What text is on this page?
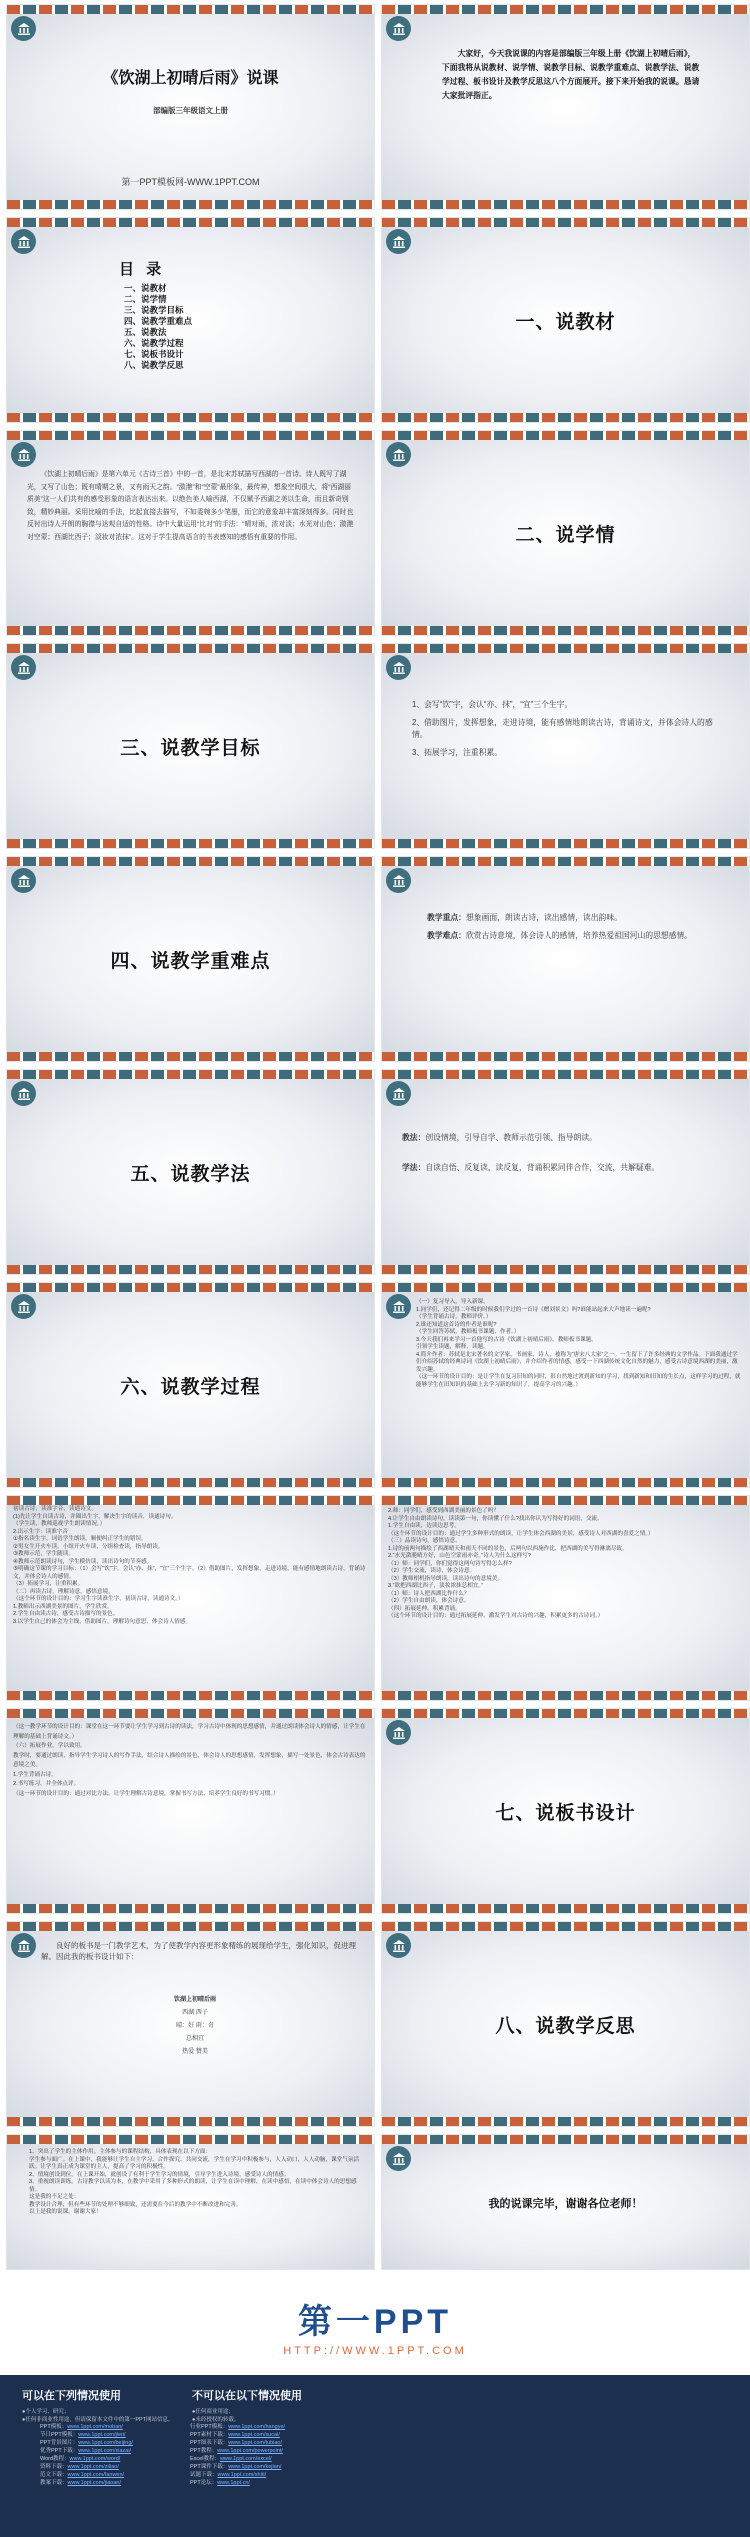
《饮湖上初晴后雨》说课
部编版三年级语文上册
第一PPT模板网-WWW.1PPT.COM
大家好，今天我说课的内容是部编版三年级上册《饮湖上初晴后雨》，下面我将从说教材、说学情、说教学目标、说教学重难点、说教学法、说教学过程、板书设计及教学反思这八个方面展开。接下来开始我的说课。恳请大家批评指正。
目 录
一、说教材
二、说学情
三、说教学目标
四、说教学重难点
五、说教法
六、说教学过程
七、说板书设计
八、说教学反思
一、说教材
《饮湖上初晴后雨》是第六单元《古诗三首》中的一首，是北宋苏轼描写西湖的一首诗。诗人既写了湖光，又写了山色；既有晴期之景，又有雨天之韵。“潋滟”和“空蒙”最形象，最传神，想象空间很大，将“西湖丽质美”这一人们共有的感受形象的语言表达出来。以绝色美人喻西湖，不仅赋予西湖之美以生命，而且新奇别致，精妙典丽。采用比喻的手法，比起直接去描写，不如委婉多少笔墨，而它的意象却丰富深刻得多。同时也反衬出诗人开朗的胸襟与达观自适的性格。诗中大量运用“比对”的手法：“晴对雨，浓对淡；水光对山色；潋滟对空蒙；西湖比西子；淡妆对浓抹”。这对于学生提高语言的书表感知的感悟有重要的作用。	二、说学情
三、说教学目标
1、会写“饮”字，会认“亦、抹”，“宜”三个生字。
2、借助图片，发挥想象，走进诗境，能有感情地朗读古诗，背诵诗文，并体会诗人的感情。
3、拓展学习，注重积累。
四、说教学重难点
教学重点：想象画面，朗读古诗，读出感情，读出韵味。
教学难点：欣赏古诗意境，体会诗人的感情，培养热爱祖国河山的思想感情。
五、说教学法
教法：创设情境，引导自学、教师示范引领、指导朗读。
学法：自读自悟、反复读，读反复，背诵积累同伴合作，交流，共解疑难。
六、说教学过程
（一）复习导入，导入新课。
1.同学们，还记得二年级的时候我们学过的一首诗《赠刘景文》吗?谁能站起来大声地读一遍呢?
（学生背诵古诗，教师评价。）
2.谁还知道这首诗的作者是谁呢?
（学生回答苏轼，教师板书课题、作者。）
3.今天我们再来学习一首他写的古诗《饮湖上初晴后雨》，教师板书课题。
引领学生读题，解释，读题。
4.简介作者：苏轼是北宋著名的文学家、书画家，诗人，被称为“唐宋八大家”之一。一生留下了许多经典的文学作品。下面我通过学们介绍苏轼的经典诗词《饮湖上初晴后雨》，并介绍作者的情感，感受一下西湖传统文化自然的魅力，感受古诗意境西湖的美丽，激发兴趣。
（这一环节的设计目的：是让学生在复习旧知的同时，很自然地过渡到新知的学习，找到新知和旧知的生长点，这样学习的过程，就能够学生在旧知识的基础上去学习新的知识了，提高学习的兴趣。）
初读古诗，读准字音，读通诗文。
(1)先让学生自读古诗，并圈出生字，解决生字的读音，读通诗句。
（学生读，教师巡视学生朗读情况。）
2.出示生字：读准字音
①指名读生字，词语学生朗读，顺便纠正学生的错误。
②男女生开火车读，小组开火车读，分组检查读，指导朗读。
③教师示范，学生随读。
④教师示范朗读诗句，学生模仿读，读出诗句的节奏感。
⑤明确这节课的学习目标：（1）会写“饮”字，会认“亦、抹”，“宜”三个生字。（2）借助图片，发挥想象，走进诗境，能有感情地朗读古诗，背诵诗文，并体会诗人的感情。
（3）拓展学习，注重积累。
（二）再读古诗，理解诗意，感悟意境。
（这个环节的设计目的：学习生字读准生字，初读古诗，读通诗文。）
1.教师出示西湖美景的图片，学生欣赏。
2.学生自由读古诗，感受古诗描写的景色。
3.以学生自己的体会为主线，借助图片，理解诗句意思，体会诗人情感。
2.师：同学们，感受到西湖美丽的景色了吗？
4.让学生自由朗读诗句，读读第一句，你读懂了什么?找出你认为写得好的词语，交流。
1.学生自由读，边读边思考。
（这个环节的设计目的：通过学生多种形式的朗读，让学生体会西湖的美景，感受诗人对西湖的喜爱之情。）
（三）品读诗句，感悟诗意。
1.诗的前两句描绘了西湖晴天和雨天不同的景色，后两句以西施作比，把西湖的美写得淋漓尽致。
2.“水光潋滟晴方好，山色空蒙雨亦奇。”诗人为什么这样写?
（1）师：同学们，你们觉得这两句诗写得怎么样?
（2）学生交流，读诗，体会诗意。
（3）教师相机指导朗读，读出诗句的意境美。
3.“欲把西湖比西子，淡妆浓抹总相宜。”
（1）师：诗人把西湖比作什么？
（2）学生自由朗读，体会诗意。
（四）拓展延伸，积累背诵。
（这个环节的设计目的：通过拓展延伸，激发学生对古诗的兴趣，积累更多的古诗词。）
（这一教学环节的设计目的：课堂在这一环节要让学生学习到古诗的读法，学习古诗中体现的思想感情，并通过朗读体会诗人的情感，让学生在理解的基础上背诵诗文。）
（六）拓展作业，学以致用。
教学时，要通过朗读，指导学生学习诗人的写作手法，结合诗人描绘的景色，体会诗人的思想感情，发挥想象，描写一处景色，体会古诗表达的意境之美。
1.学生背诵古诗。
2.书写练习，并全体点评。
（这一环节的设计目的：通过对比方法，让学生理解古诗意境，掌握书写方法，培养学生良好的书写习惯。）
七、说板书设计
良好的板书是一门教学艺术，为了使教学内容更形象精练的展现给学生，强化知识，促进理解。因此我的板书设计如下：
饮湖上初晴后雨
西湖 西子
晴：好 雨：奇
总相宜
热爱 赞美
八、说教学反思
1、突出了学生的主体作用。主体参与的课程结构，具体表现在以下方面：
学生参与面广。在上课中，我能够让学生自主学习、合作探究、共同交流，学生在学习中积极参与，人人动口，人人动脑，课堂气氛活跃。让学生真正成为课堂的主人，提高了学习的积极性。
2、情境创设到位。在上课开始，就创设了有利于学生学习的情境，引导学生进入诗境，感受诗人的情感。
3、重视朗读训练。古诗教学以读为本，在教学中采用了多种形式的朗读，让学生在读中理解，在读中感悟，在读中体会诗人的思想感情。
这是我的不足之处：
教学设计合理，但有些环节的处理不够细致，还需要在今后的教学中不断改进和完善。
以上是我的说课，谢谢大家！
我的说课完毕，谢谢各位老师！
第一PPT
HTTP://WWW.1PPT.COM
可以在下列情况使用

●个人学习、研究；

●任何非商业性用途，但请保留本文件中的第一PPT网站信息。

不可以在以下情况使用

●任何商业用途；

●未经授权的转载。

PPT模板：www.1ppt.com/moban/
节日PPT模板：www.1ppt.com/jieri/
PPT背景图片：www.1ppt.com/beijing/
优秀PPT下载：www.1ppt.com/xiazai/
Word教程：www.1ppt.com/word/
资料下载：www.1ppt.com/ziliao/
范文下载：www.1ppt.com/fanwen/
教案下载：www.1ppt.com/jiaoan/
行业PPT模板：www.1ppt.com/hangye/
PPT素材下载：www.1ppt.com/sucai/
PPT图表下载：www.1ppt.com/tubiao/
PPT教程：www.1ppt.com/powerpoint/
Excel教程：www.1ppt.com/excel/
PPT课件下载：www.1ppt.com/kejian/
试题下载：www.1ppt.com/shiti/
PPT论坛：www.1ppt.cn/
